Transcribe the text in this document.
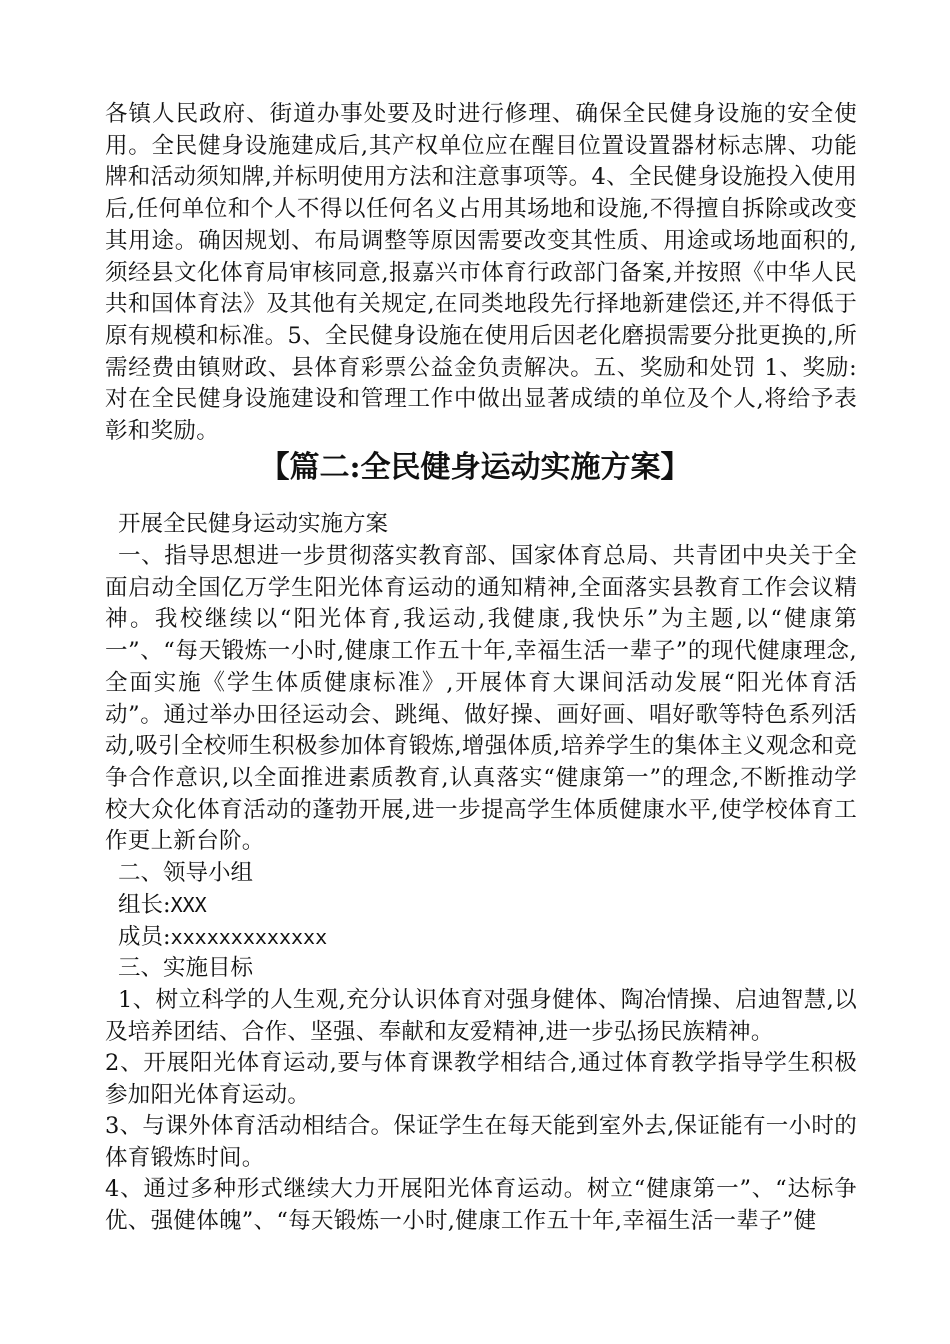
各镇人民政府、街道办事处要及时进行修理、确保全民健身设施的安全使用。全民健身设施建成后,其产权单位应在醒目位置设置器材标志牌、功能牌和活动须知牌,并标明使用方法和注意事项等。4、全民健身设施投入使用后,任何单位和个人不得以任何名义占用其场地和设施,不得擅自拆除或改变其用途。确因规划、布局调整等原因需要改变其性质、用途或场地面积的,须经县文化体育局审核同意,报嘉兴市体育行政部门备案,并按照《中华人民共和国体育法》及其他有关规定,在同类地段先行择地新建偿还,并不得低于原有规模和标准。5、全民健身设施在使用后因老化磨损需要分批更换的,所需经费由镇财政、县体育彩票公益金负责解决。五、奖励和处罚 1、奖励:对在全民健身设施建设和管理工作中做出显著成绩的单位及个人,将给予表彰和奖励。

【篇二:全民健身运动实施方案】

开展全民健身运动实施方案

一、指导思想进一步贯彻落实教育部、国家体育总局、共青团中央关于全面启动全国亿万学生阳光体育运动的通知精神,全面落实县教育工作会议精神。我校继续以“阳光体育,我运动,我健康,我快乐”为主题,以“健康第一”、“每天锻炼一小时,健康工作五十年,幸福生活一辈子”的现代健康理念,全面实施《学生体质健康标准》,开展体育大课间活动发展“阳光体育活动”。通过举办田径运动会、跳绳、做好操、画好画、唱好歌等特色系列活动,吸引全校师生积极参加体育锻炼,增强体质,培养学生的集体主义观念和竞争合作意识,以全面推进素质教育,认真落实“健康第一”的理念,不断推动学校大众化体育活动的蓬勃开展,进一步提高学生体质健康水平,使学校体育工作更上新台阶。

二、领导小组

组长:XXX

成员:xxxxxxxxxxxxx

三、实施目标

1、树立科学的人生观,充分认识体育对强身健体、陶冶情操、启迪智慧,以及培养团结、合作、坚强、奉献和友爱精神,进一步弘扬民族精神。

2、开展阳光体育运动,要与体育课教学相结合,通过体育教学指导学生积极参加阳光体育运动。

3、与课外体育活动相结合。保证学生在每天能到室外去,保证能有一小时的体育锻炼时间。

4、通过多种形式继续大力开展阳光体育运动。树立“健康第一”、“达标争优、强健体魄”、“每天锻炼一小时,健康工作五十年,幸福生活一辈子”健
